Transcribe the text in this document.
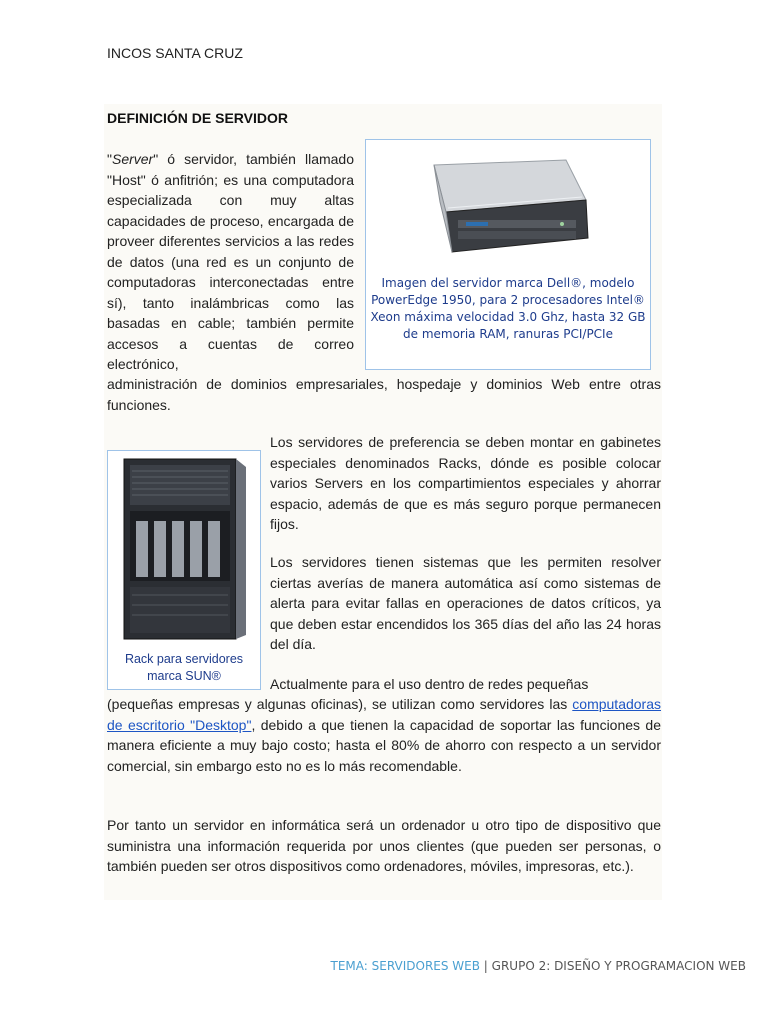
INCOS SANTA CRUZ
DEFINICIÓN DE SERVIDOR
"Server" ó servidor, también llamado "Host" ó anfitrión; es una computadora especializada con muy altas capacidades de proceso, encargada de proveer diferentes servicios a las redes de datos (una red es un conjunto de computadoras interconectadas entre sí), tanto inalámbricas como las basadas en cable; también permite accesos a cuentas de correo electrónico,
administración de dominios empresariales, hospedaje y dominios Web entre otras funciones.
Imagen del servidor marca Dell®, modelo PowerEdge 1950, para 2 procesadores Intel® Xeon máxima velocidad 3.0 Ghz, hasta 32 GB de memoria RAM, ranuras PCI/PCIe
Los servidores de preferencia se deben montar en gabinetes especiales denominados Racks, dónde es posible colocar varios Servers en los compartimientos especiales y ahorrar espacio, además de que es más seguro porque permanecen fijos.
Rack para servidores marca SUN®
Los servidores tienen sistemas que les permiten resolver ciertas averías de manera automática así como sistemas de alerta para evitar fallas en operaciones de datos críticos, ya que deben estar encendidos los 365 días del año las 24 horas del día.
Actualmente para el uso dentro de redes pequeñas
(pequeñas empresas y algunas oficinas), se utilizan como servidores las computadoras de escritorio "Desktop", debido a que tienen la capacidad de soportar las funciones de manera eficiente a muy bajo costo; hasta el 80% de ahorro con respecto a un servidor comercial, sin embargo esto no es lo más recomendable.
Por tanto un servidor en informática será un ordenador u otro tipo de dispositivo que suministra una información requerida por unos clientes (que pueden ser personas, o también pueden ser otros dispositivos como ordenadores, móviles, impresoras, etc.).
TEMA: SERVIDORES WEB | GRUPO 2: DISEÑO Y PROGRAMACION WEB
